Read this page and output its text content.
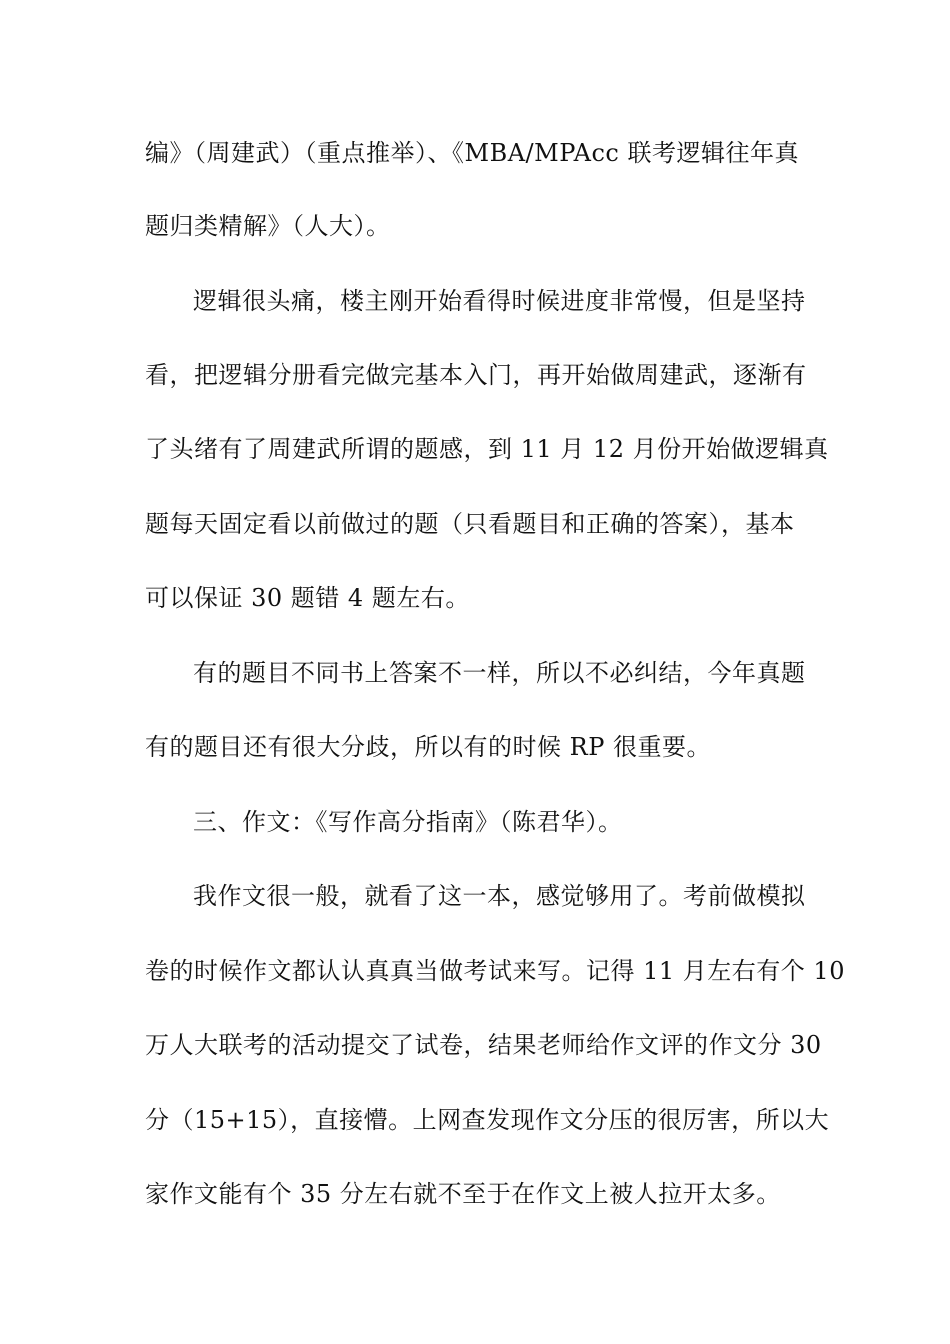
编》（周建武）（重点推举）、《MBA/MPAcc 联考逻辑往年真
题归类精解》（人大）。
逻辑很头痛，楼主刚开始看得时候进度非常慢，但是坚持
看，把逻辑分册看完做完基本入门，再开始做周建武，逐渐有
了头绪有了周建武所谓的题感，到 11 月 12 月份开始做逻辑真
题每天固定看以前做过的题（只看题目和正确的答案），基本
可以保证 30 题错 4 题左右。
有的题目不同书上答案不一样，所以不必纠结，今年真题
有的题目还有很大分歧，所以有的时候 RP 很重要。
三、作文：《写作高分指南》（陈君华）。
我作文很一般，就看了这一本，感觉够用了。考前做模拟
卷的时候作文都认认真真当做考试来写。记得 11 月左右有个 10
万人大联考的活动提交了试卷，结果老师给作文评的作文分 30
分（15+15），直接懵。上网查发现作文分压的很厉害，所以大
家作文能有个 35 分左右就不至于在作文上被人拉开太多。
